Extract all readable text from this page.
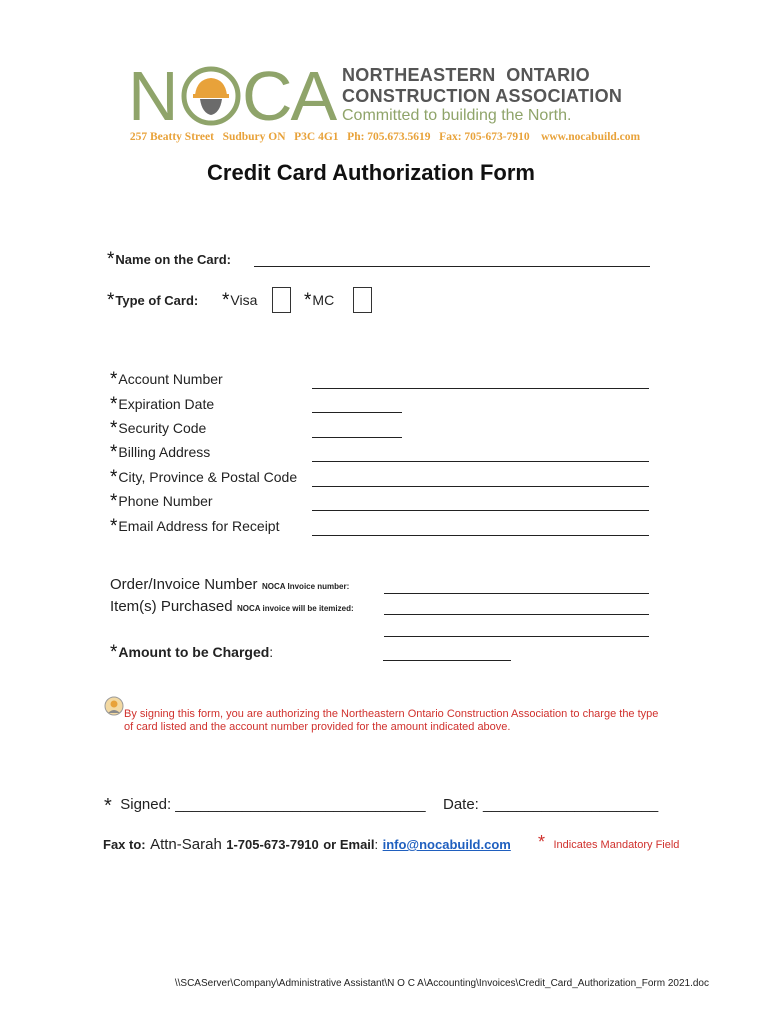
N CA NORTHEASTERN  ONTARIO
CONSTRUCTION ASSOCIATION
Committed to building the North.
257 Beatty Street   Sudbury ON   P3C 4G1   Ph: 705.673.5619   Fax: 705-673-7910    www.nocabuild.com
Credit Card Authorization Form
*Name on the Card:
*Type of Card: *Visa *MC
*Account Number
*Expiration Date
*Security Code
*Billing Address
*City, Province & Postal Code
*Phone Number
*Email Address for Receipt
Order/Invoice Number NOCA Invoice number:
Item(s) Purchased NOCA invoice will be itemized:
*Amount to be Charged:
By signing this form, you are authorizing the Northeastern Ontario Construction Association to charge the type of card listed and the account number provided for the amount indicated above.
* Signed: ______________________________ Date: _____________________
Fax to: Attn-Sarah 1-705-673-7910 or Email: info@nocabuild.com * Indicates Mandatory Field
\\SCAServer\Company\Administrative Assistant\N O C A\Accounting\Invoices\Credit_Card_Authorization_Form 2021.doc
